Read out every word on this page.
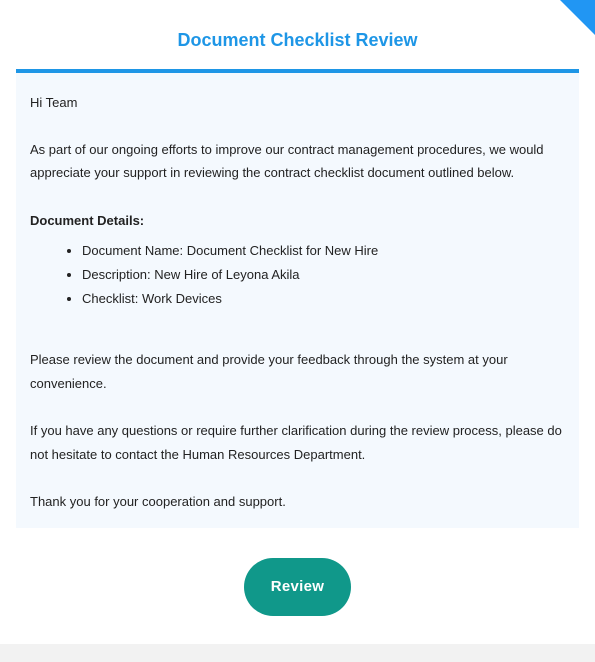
Document Checklist Review

Hi Team

As part of our ongoing efforts to improve our contract management procedures, we would appreciate your support in reviewing the contract checklist document outlined below.

Document Details:

• Document Name: Document Checklist for New Hire
• Description: New Hire of Leyona Akila
• Checklist: Work Devices

Please review the document and provide your feedback through the system at your convenience.

If you have any questions or require further clarification during the review process, please do not hesitate to contact the Human Resources Department.

Thank you for your cooperation and support.

Review
